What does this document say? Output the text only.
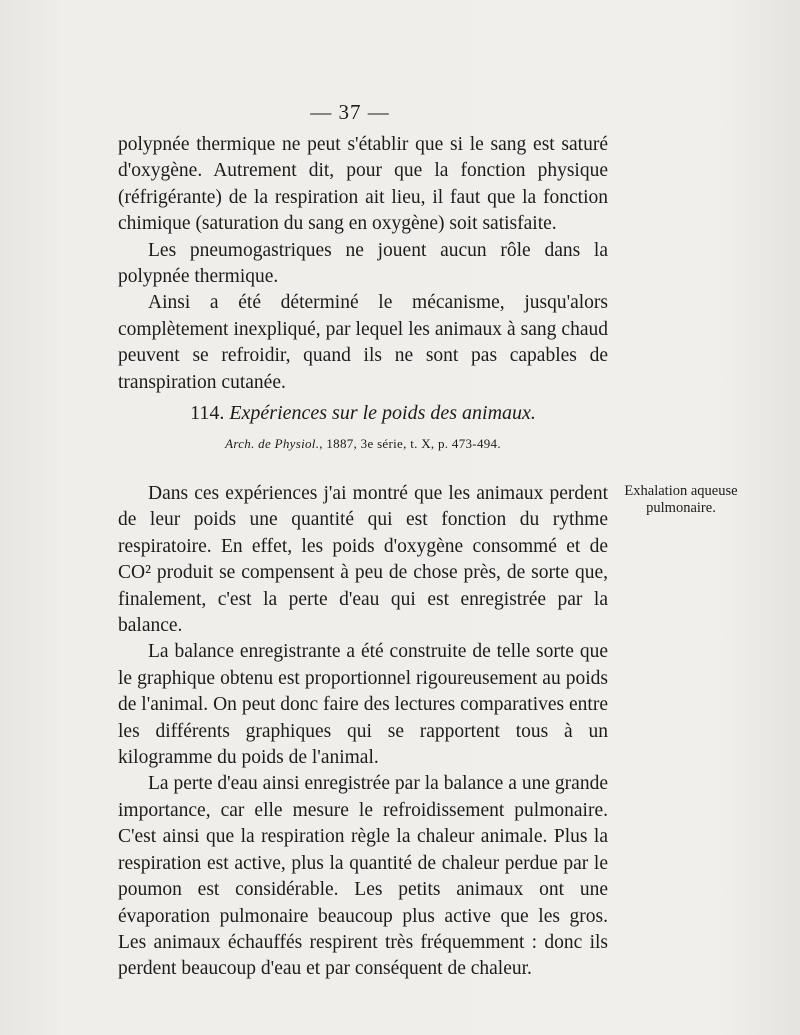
— 37 —

polypnée thermique ne peut s'établir que si le sang est saturé d'oxygène. Autrement dit, pour que la fonction physique (réfrigérante) de la respiration ait lieu, il faut que la fonction chimique (saturation du sang en oxygène) soit satisfaite.

Les pneumogastriques ne jouent aucun rôle dans la polypnée thermique.

Ainsi a été déterminé le mécanisme, jusqu'alors complètement inexpliqué, par lequel les animaux à sang chaud peuvent se refroidir, quand ils ne sont pas capables de transpiration cutanée.

114. Expériences sur le poids des animaux.
Arch. de Physiol., 1887, 3e série, t. X, p. 473-494.
Exhalation aqueuse
pulmonaire.

Dans ces expériences j'ai montré que les animaux perdent de leur poids une quantité qui est fonction du rythme respiratoire. En effet, les poids d'oxygène consommé et de CO² produit se compensent à peu de chose près, de sorte que, finalement, c'est la perte d'eau qui est enregistrée par la balance.

La balance enregistrante a été construite de telle sorte que le graphique obtenu est proportionnel rigoureusement au poids de l'animal. On peut donc faire des lectures comparatives entre les différents graphiques qui se rapportent tous à un kilogramme du poids de l'animal.

La perte d'eau ainsi enregistrée par la balance a une grande importance, car elle mesure le refroidissement pulmonaire. C'est ainsi que la respiration règle la chaleur animale. Plus la respiration est active, plus la quantité de chaleur perdue par le poumon est considérable. Les petits animaux ont une évaporation pulmonaire beaucoup plus active que les gros. Les animaux échauffés respirent très fréquemment : donc ils perdent beaucoup d'eau et par conséquent de chaleur.
